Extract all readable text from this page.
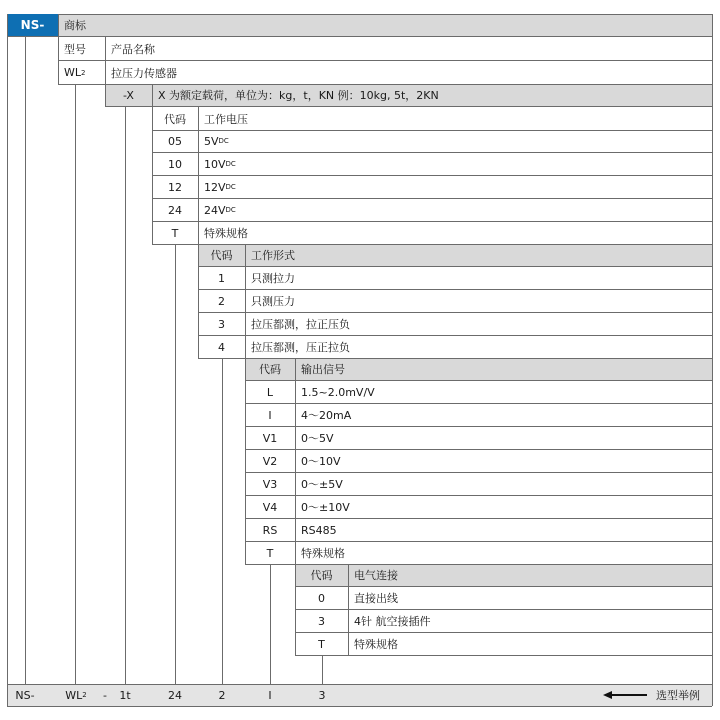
NS-	商标
型号	产品名称
WL 2	拉压力传感器
-X	X 为额定载荷，单位为：kg，t，KN 例：10kg, 5t，2KN
代码	工作电压
05	5V DC
10	10V DC
12	12V DC
24	24V DC
T	特殊规格
代码	工作形式
1	只测拉力
2	只测压力
3	拉压都测，拉正压负
4	拉压都测，压正拉负
代码	输出信号
L	1.5~2.0mV/V
I	4～20mA
V1	0～5V
V2	0～10V
V3	0～±5V
V4	0～±10V
RS	RS485
T	特殊规格
代码	电气连接
0	直接出线
3	4针 航空接插件
T	特殊规格
NS-	WL 2	-	1t	24	2	I	3	选型举例
